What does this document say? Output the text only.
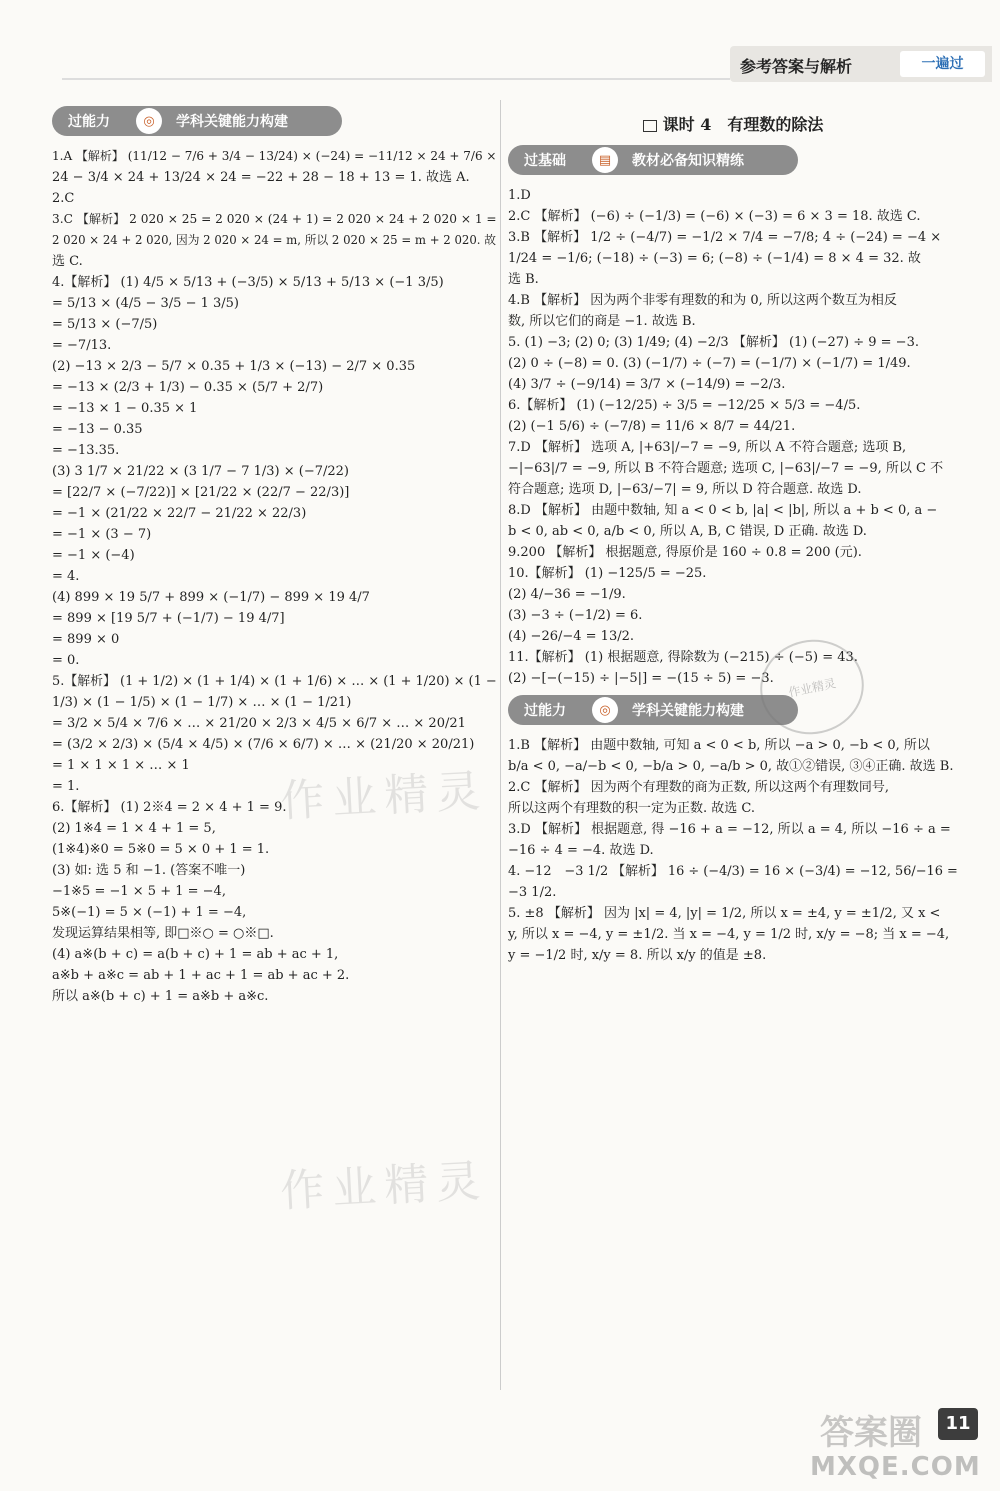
参考答案与解析	一遍过
过能力	◎	学科关键能力构建

1.A 【解析】 (11/12 − 7/6 + 3/4 − 13/24) × (−24) = −11/12 × 24 + 7/6 ×

24 − 3/4 × 24 + 13/24 × 24 = −22 + 28 − 18 + 13 = 1. 故选 A.

2.C

3.C 【解析】 2 020 × 25 = 2 020 × (24 + 1) = 2 020 × 24 + 2 020 × 1 =

2 020 × 24 + 2 020, 因为 2 020 × 24 = m, 所以 2 020 × 25 = m + 2 020. 故

选 C.

4.【解析】 (1) 4/5 × 5/13 + (−3/5) × 5/13 + 5/13 × (−1 3/5)

= 5/13 × (4/5 − 3/5 − 1 3/5)

= 5/13 × (−7/5)

= −7/13.

(2) −13 × 2/3 − 5/7 × 0.35 + 1/3 × (−13) − 2/7 × 0.35

= −13 × (2/3 + 1/3) − 0.35 × (5/7 + 2/7)

= −13 × 1 − 0.35 × 1

= −13 − 0.35

= −13.35.

(3) 3 1/7 × 21/22 × (3 1/7 − 7 1/3) × (−7/22)

= [22/7 × (−7/22)] × [21/22 × (22/7 − 22/3)]

= −1 × (21/22 × 22/7 − 21/22 × 22/3)

= −1 × (3 − 7)

= −1 × (−4)

= 4.

(4) 899 × 19 5/7 + 899 × (−1/7) − 899 × 19 4/7

= 899 × [19 5/7 + (−1/7) − 19 4/7]

= 899 × 0

= 0.

5.【解析】 (1 + 1/2) × (1 + 1/4) × (1 + 1/6) × … × (1 + 1/20) × (1 −

1/3) × (1 − 1/5) × (1 − 1/7) × … × (1 − 1/21)

= 3/2 × 5/4 × 7/6 × … × 21/20 × 2/3 × 4/5 × 6/7 × … × 20/21

= (3/2 × 2/3) × (5/4 × 4/5) × (7/6 × 6/7) × … × (21/20 × 20/21)

= 1 × 1 × 1 × … × 1

= 1.

6.【解析】 (1) 2※4 = 2 × 4 + 1 = 9.

(2) 1※4 = 1 × 4 + 1 = 5,

(1※4)※0 = 5※0 = 5 × 0 + 1 = 1.

(3) 如: 选 5 和 −1. (答案不唯一)

−1※5 = −1 × 5 + 1 = −4,

5※(−1) = 5 × (−1) + 1 = −4,

发现运算结果相等, 即□※○ = ○※□.

(4) a※(b + c) = a(b + c) + 1 = ab + ac + 1,

a※b + a※c = ab + 1 + ac + 1 = ab + ac + 2.

所以 a※(b + c) + 1 = a※b + a※c.

课时 4　有理数的除法
过基础	▤	教材必备知识精练

1.D

2.C 【解析】 (−6) ÷ (−1/3) = (−6) × (−3) = 6 × 3 = 18. 故选 C.

3.B 【解析】 1/2 ÷ (−4/7) = −1/2 × 7/4 = −7/8; 4 ÷ (−24) = −4 ×

1/24 = −1/6; (−18) ÷ (−3) = 6; (−8) ÷ (−1/4) = 8 × 4 = 32. 故

选 B.

4.B 【解析】 因为两个非零有理数的和为 0, 所以这两个数互为相反

数, 所以它们的商是 −1. 故选 B.

5. (1) −3; (2) 0; (3) 1/49; (4) −2/3 【解析】 (1) (−27) ÷ 9 = −3.

(2) 0 ÷ (−8) = 0. (3) (−1/7) ÷ (−7) = (−1/7) × (−1/7) = 1/49.

(4) 3/7 ÷ (−9/14) = 3/7 × (−14/9) = −2/3.

6.【解析】 (1) (−12/25) ÷ 3/5 = −12/25 × 5/3 = −4/5.

(2) (−1 5/6) ÷ (−7/8) = 11/6 × 8/7 = 44/21.

7.D 【解析】 选项 A, |+63|/−7 = −9, 所以 A 不符合题意; 选项 B,

−|−63|/7 = −9, 所以 B 不符合题意; 选项 C, |−63|/−7 = −9, 所以 C 不

符合题意; 选项 D, |−63/−7| = 9, 所以 D 符合题意. 故选 D.

8.D 【解析】 由题中数轴, 知 a < 0 < b, |a| < |b|, 所以 a + b < 0, a −

b < 0, ab < 0, a/b < 0, 所以 A, B, C 错误, D 正确. 故选 D.

9.200 【解析】 根据题意, 得原价是 160 ÷ 0.8 = 200 (元).

10.【解析】 (1) −125/5 = −25.

(2) 4/−36 = −1/9.

(3) −3 ÷ (−1/2) = 6.

(4) −26/−4 = 13/2.

11.【解析】 (1) 根据题意, 得除数为 (−215) ÷ (−5) = 43.

(2) −[−(−15) ÷ |−5|] = −(15 ÷ 5) = −3.

过能力	◎	学科关键能力构建

1.B 【解析】 由题中数轴, 可知 a < 0 < b, 所以 −a > 0, −b < 0, 所以

b/a < 0, −a/−b < 0, −b/a > 0, −a/b > 0, 故①②错误, ③④正确. 故选 B.

2.C 【解析】 因为两个有理数的商为正数, 所以这两个有理数同号,

所以这两个有理数的积一定为正数. 故选 C.

3.D 【解析】 根据题意, 得 −16 + a = −12, 所以 a = 4, 所以 −16 ÷ a =

−16 ÷ 4 = −4. 故选 D.

4. −12　−3 1/2 【解析】 16 ÷ (−4/3) = 16 × (−3/4) = −12, 56/−16 =

−3 1/2.

5. ±8 【解析】 因为 |x| = 4, |y| = 1/2, 所以 x = ±4, y = ±1/2, 又 x <

y, 所以 x = −4, y = ±1/2. 当 x = −4, y = 1/2 时, x/y = −8; 当 x = −4,

y = −1/2 时, x/y = 8. 所以 x/y 的值是 ±8.

作业精灵
作业精灵
作业精灵
答案圈	11
MXQE.COM
